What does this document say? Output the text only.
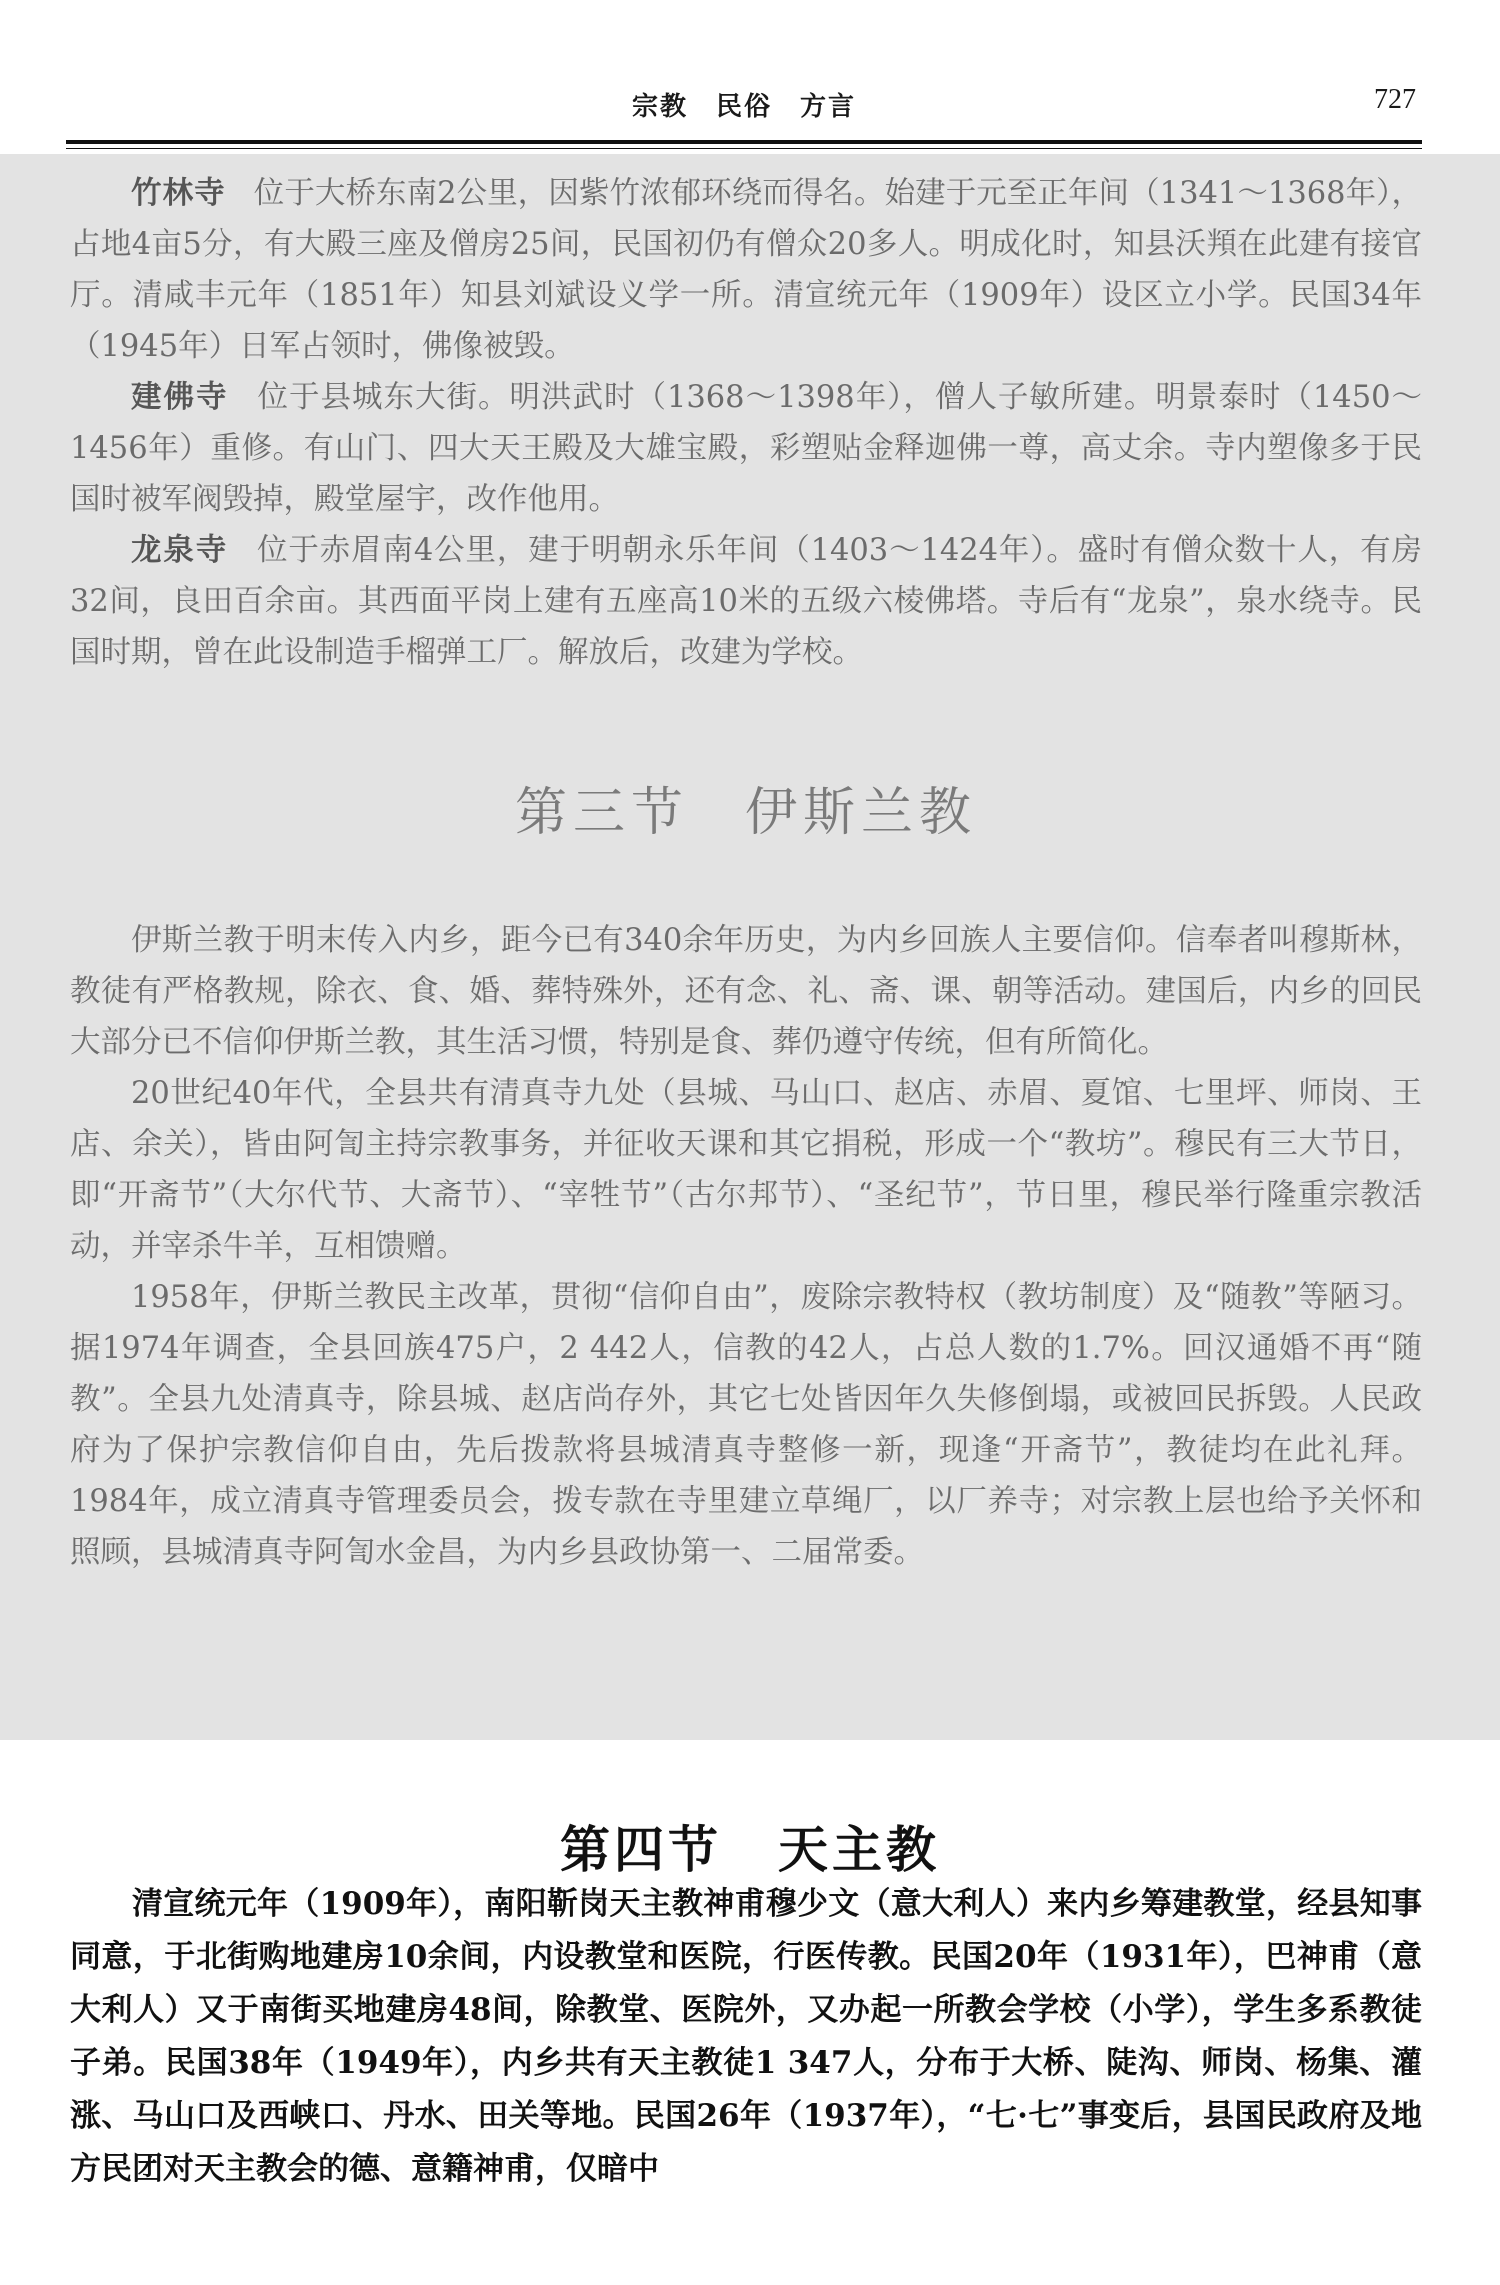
宗教　民俗　方言	727

竹林寺 位于大桥东南2公里，因紫竹浓郁环绕而得名。始建于元至正年间（1341～1368年），占地4亩5分，有大殿三座及僧房25间，民国初仍有僧众20多人。明成化时，知县沃頖在此建有接官厅。清咸丰元年（1851年）知县刘斌设义学一所。清宣统元年（1909年）设区立小学。民国34年（1945年）日军占领时，佛像被毁。

建佛寺 位于县城东大街。明洪武时（1368～1398年），僧人子敏所建。明景泰时（1450～1456年）重修。有山门、四大天王殿及大雄宝殿，彩塑贴金释迦佛一尊，高丈余。寺内塑像多于民国时被军阀毁掉，殿堂屋宇，改作他用。

龙泉寺 位于赤眉南4公里，建于明朝永乐年间（1403～1424年）。盛时有僧众数十人，有房32间，良田百余亩。其西面平岗上建有五座高10米的五级六棱佛塔。寺后有“龙泉”，泉水绕寺。民国时期，曾在此设制造手榴弹工厂。解放后，改建为学校。

第三节 伊斯兰教

伊斯兰教于明末传入内乡，距今已有340余年历史，为内乡回族人主要信仰。信奉者叫穆斯林，教徒有严格教规，除衣、食、婚、葬特殊外，还有念、礼、斋、课、朝等活动。建国后，内乡的回民大部分已不信仰伊斯兰教，其生活习惯，特别是食、葬仍遵守传统，但有所简化。

20世纪40年代，全县共有清真寺九处（县城、马山口、赵店、赤眉、夏馆、七里坪、师岗、王店、余关），皆由阿訇主持宗教事务，并征收天课和其它捐税，形成一个“教坊”。穆民有三大节日，即“开斋节”（大尔代节、大斋节）、“宰牲节”（古尔邦节）、“圣纪节”，节日里，穆民举行隆重宗教活动，并宰杀牛羊，互相馈赠。

1958年，伊斯兰教民主改革，贯彻“信仰自由”，废除宗教特权（教坊制度）及“随教”等陋习。据1974年调查，全县回族475户，2 442人，信教的42人，占总人数的1.7%。回汉通婚不再“随教”。全县九处清真寺，除县城、赵店尚存外，其它七处皆因年久失修倒塌，或被回民拆毁。人民政府为了保护宗教信仰自由，先后拨款将县城清真寺整修一新，现逢“开斋节”，教徒均在此礼拜。1984年，成立清真寺管理委员会，拨专款在寺里建立草绳厂，以厂养寺；对宗教上层也给予关怀和照顾，县城清真寺阿訇水金昌，为内乡县政协第一、二届常委。

第四节 天主教

清宣统元年（1909年），南阳靳岗天主教神甫穆少文（意大利人）来内乡筹建教堂，经县知事同意，于北街购地建房10余间，内设教堂和医院，行医传教。民国20年（1931年），巴神甫（意大利人）又于南街买地建房48间，除教堂、医院外，又办起一所教会学校（小学），学生多系教徒子弟。民国38年（1949年），内乡共有天主教徒1 347人，分布于大桥、陡沟、师岗、杨集、灌涨、马山口及西峡口、丹水、田关等地。民国26年（1937年），“七·七”事变后，县国民政府及地方民团对天主教会的德、意籍神甫，仅暗中
